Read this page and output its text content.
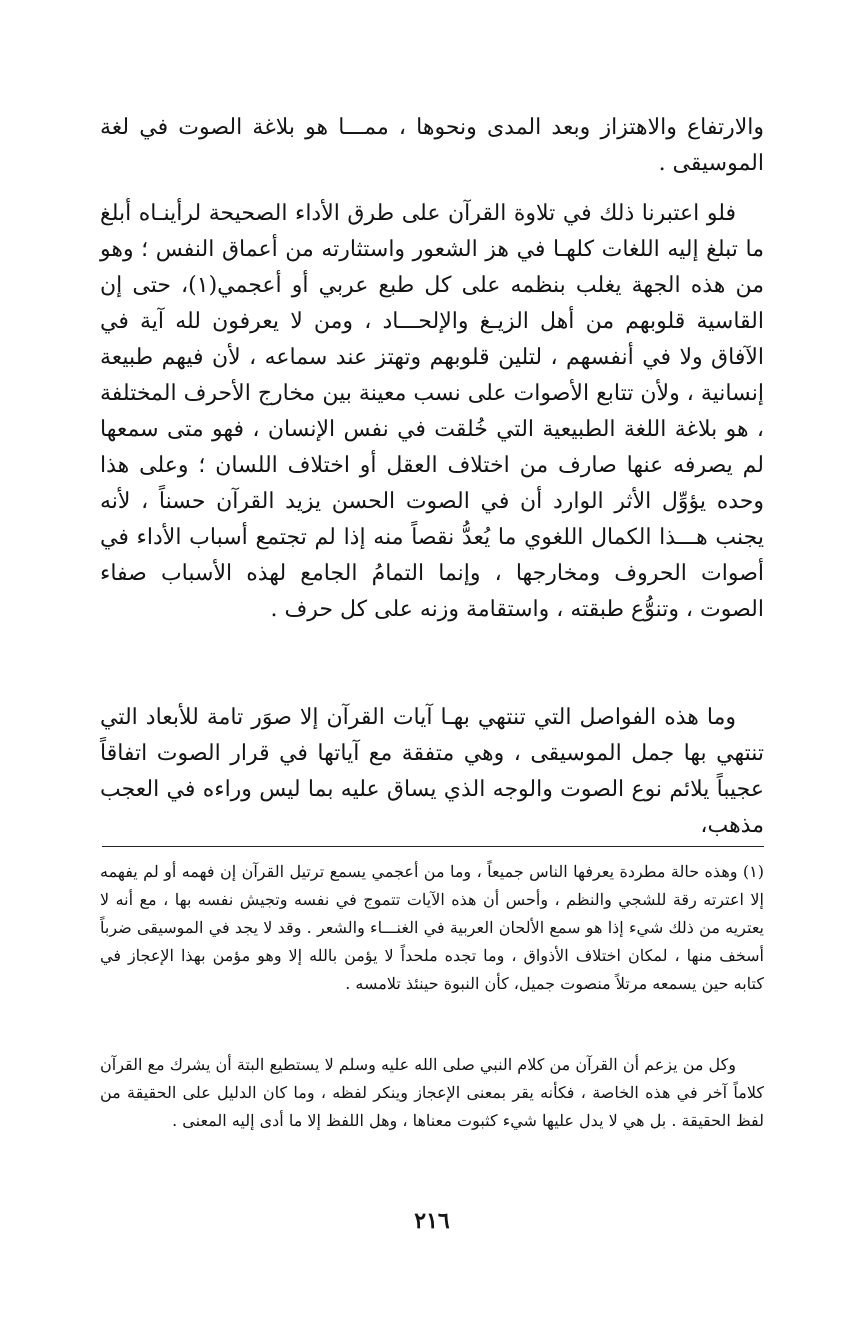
والارتفاع والاهتزاز وبعد المدى ونحوها ، ممـــا هو بلاغة الصوت في لغة الموسيقى .

فلو اعتبرنا ذلك في تلاوة القرآن على طرق الأداء الصحيحة لرأينـاه أبلغ ما تبلغ إليه اللغات كلهـا في هز الشعور واستثارته من أعماق النفس ؛ وهو من هذه الجهة يغلب بنظمه على كل طبع عربي أو أعجمي(١)، حتى إن القاسية قلوبهم من أهل الزيـغ والإلحـــاد ، ومن لا يعرفون لله آية في الآفاق ولا في أنفسهم ، لتلين قلوبهم وتهتز عند سماعه ، لأن فيهم طبيعة إنسانية ، ولأن تتابع الأصوات على نسب معينة بين مخارج الأحرف المختلفة ، هو بلاغة اللغة الطبيعية التي خُلقت في نفس الإنسان ، فهو متى سمعها لم يصرفه عنها صارف من اختلاف العقل أو اختلاف اللسان ؛ وعلى هذا وحده يؤوِّل الأثر الوارد أن في الصوت الحسن يزيد القرآن حسناً ، لأنه يجنب هـــذا الكمال اللغوي ما يُعدُّ نقصاً منه إذا لم تجتمع أسباب الأداء في أصوات الحروف ومخارجها ، وإنما التمامُ الجامع لهذه الأسباب صفاء الصوت ، وتنوُّع طبقته ، واستقامة وزنه على كل حرف .

وما هذه الفواصل التي تنتهي بهـا آيات القرآن إلا صوَر تامة للأبعاد التي تنتهي بها جمل الموسيقى ، وهي متفقة مع آياتها في قرار الصوت اتفاقاً عجيباً يلائم نوع الصوت والوجه الذي يساق عليه بما ليس وراءه في العجب مذهب،

(١) وهذه حالة مطردة يعرفها الناس جميعاً ، وما من أعجمي يسمع ترتيل القرآن إن فهمه أو لم يفهمه إلا اعترته رقة للشجي والنظم ، وأحس أن هذه الآيات تتموج في نفسه وتجيش نفسه بها ، مع أنه لا يعتريه من ذلك شيء إذا هو سمع الألحان العربية في الغنـــاء والشعر . وقد لا يجد في الموسيقى ضرباً أسخف منها ، لمكان اختلاف الأذواق ، وما تجده ملحداً لا يؤمن بالله إلا وهو مؤمن بهذا الإعجاز في كتابه حين يسمعه مرتلاً منصوت جميل، كأن النبوة حينئذ تلامسه .

وكل من يزعم أن القرآن من كلام النبي صلى الله عليه وسلم لا يستطيع البتة أن يشرك مع القرآن كلاماً آخر في هذه الخاصة ، فكأنه يقر بمعنى الإعجاز وينكر لفظه ، وما كان الدليل على الحقيقة من لفظ الحقيقة . بل هي لا يدل عليها شيء كثبوت معناها ، وهل اللفظ إلا ما أدى إليه المعنى .

٢١٦
